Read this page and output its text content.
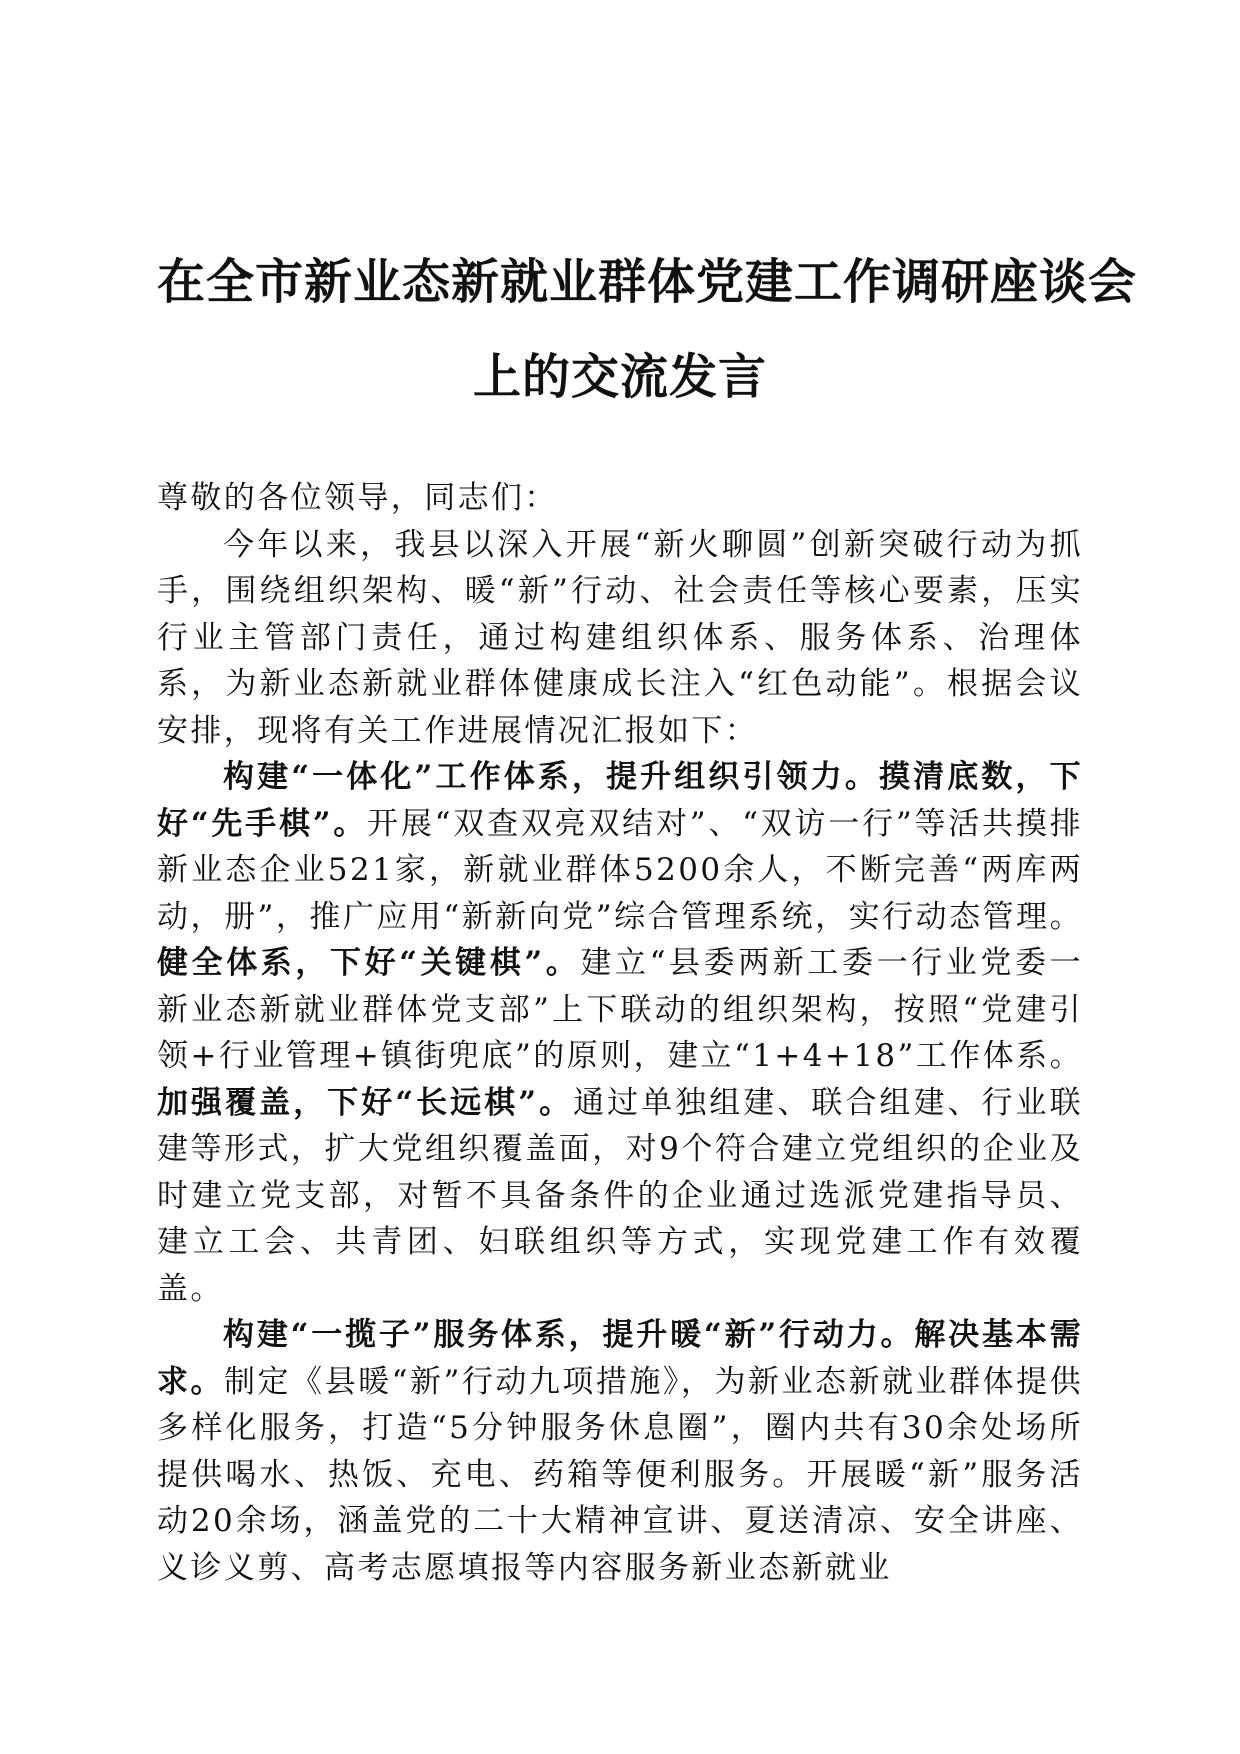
在全市新业态新就业群体党建工作调研座谈会
上的交流发言

尊敬的各位领导，同志们：

今年以来，我县以深入开展“新火聊圆”创新突破行动为抓手，围绕组织架构、暖“新”行动、社会责任等核心要素，压实行业主管部门责任，通过构建组织体系、服务体系、治理体系，为新业态新就业群体健康成长注入“红色动能”。根据会议安排，现将有关工作进展情况汇报如下：

构建“一体化”工作体系，提升组织引领力。摸清底数，下好“先手棋”。开展“双查双亮双结对”、“双访一行”等活共摸排新业态企业521家，新就业群体5200余人，不断完善“两库两动，册”，推广应用“新新向党”综合管理系统，实行动态管理。健全体系，下好“关键棋”。建立“县委两新工委一行业党委一新业态新就业群体党支部”上下联动的组织架构，按照“党建引领+行业管理+镇街兜底”的原则，建立“1+4+18”工作体系。加强覆盖，下好“长远棋”。通过单独组建、联合组建、行业联建等形式，扩大党组织覆盖面，对9个符合建立党组织的企业及时建立党支部，对暂不具备条件的企业通过选派党建指导员、建立工会、共青团、妇联组织等方式，实现党建工作有效覆盖。

构建“一揽子”服务体系，提升暖“新”行动力。解决基本需求。制定《县暖“新”行动九项措施》，为新业态新就业群体提供多样化服务，打造“5分钟服务休息圈”，圈内共有30余处场所提供喝水、热饭、充电、药箱等便利服务。开展暖“新”服务活动20余场，涵盖党的二十大精神宣讲、夏送清凉、安全讲座、义诊义剪、高考志愿填报等内容服务新业态新就业
